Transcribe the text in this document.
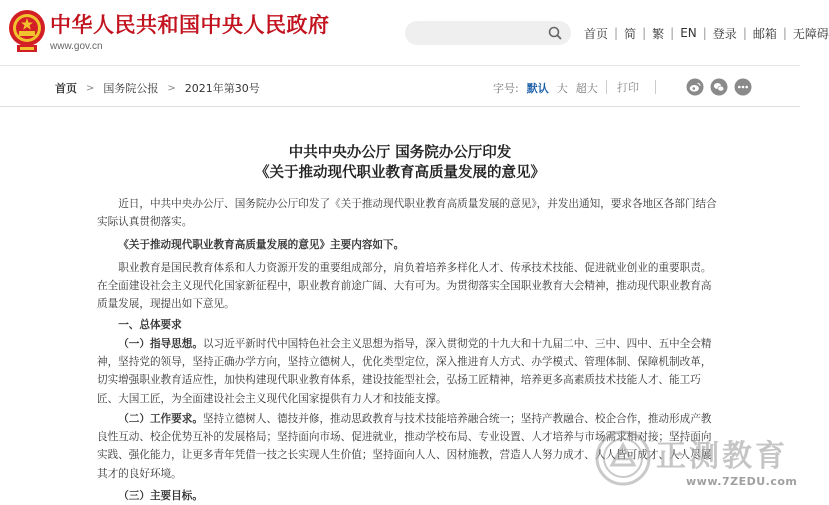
中华人民共和国中央人民政府
www.gov.cn
首页 | 简 | 繁 | EN | 登录 | 邮箱 | 无障碍
首页 > 国务院公报 > 2021年第30号	字号: 默认 大 超大 打印
中共中央办公厅 国务院办公厅印发
《关于推动现代职业教育高质量发展的意见》

近日，中共中央办公厅、国务院办公厅印发了《关于推动现代职业教育高质量发展的意见》，并发出通知，要求各地区各部门结合实际认真贯彻落实。

《关于推动现代职业教育高质量发展的意见》主要内容如下。

职业教育是国民教育体系和人力资源开发的重要组成部分，肩负着培养多样化人才、传承技术技能、促进就业创业的重要职责。在全面建设社会主义现代化国家新征程中，职业教育前途广阔、大有可为。为贯彻落实全国职业教育大会精神，推动现代职业教育高质量发展，现提出如下意见。

一、总体要求

（一）指导思想。以习近平新时代中国特色社会主义思想为指导，深入贯彻党的十九大和十九届二中、三中、四中、五中全会精神，坚持党的领导，坚持正确办学方向，坚持立德树人，优化类型定位，深入推进育人方式、办学模式、管理体制、保障机制改革，切实增强职业教育适应性，加快构建现代职业教育体系，建设技能型社会，弘扬工匠精神，培养更多高素质技术技能人才、能工巧匠、大国工匠，为全面建设社会主义现代化国家提供有力人才和技能支撑。

（二）工作要求。坚持立德树人、德技并修，推动思政教育与技术技能培养融合统一；坚持产教融合、校企合作，推动形成产教良性互动、校企优势互补的发展格局；坚持面向市场、促进就业，推动学校布局、专业设置、人才培养与市场需求相对接；坚持面向实践、强化能力，让更多青年凭借一技之长实现人生价值；坚持面向人人、因材施教，营造人人努力成才、人人皆可成才、人人尽展其才的良好环境。

（三）主要目标。

正测教育
www.7ZEDU.com
